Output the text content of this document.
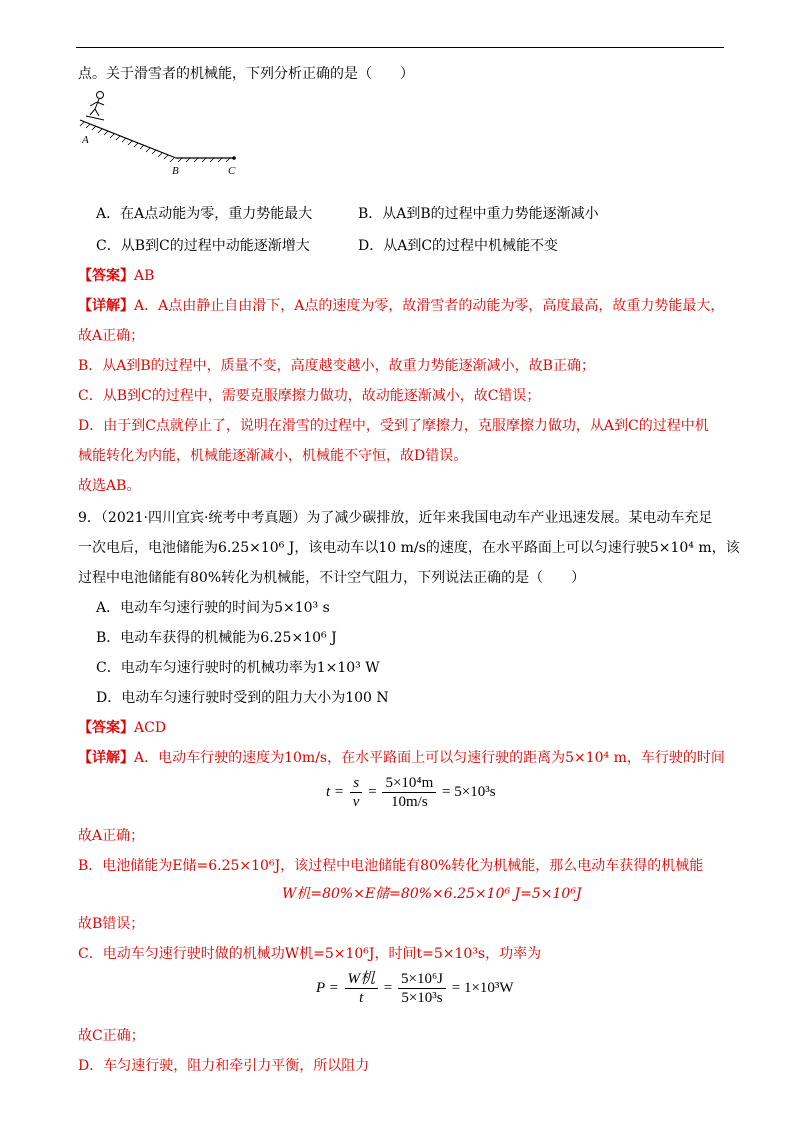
点。关于滑雪者的机械能，下列分析正确的是（　　）
A
B	C
A．在A点动能为零，重力势能最大	B．从A到B的过程中重力势能逐渐减小
C．从B到C的过程中动能逐渐增大	D．从A到C的过程中机械能不变
【答案】AB
【详解】A．A点由静止自由滑下，A点的速度为零，故滑雪者的动能为零，高度最高，故重力势能最大，
故A正确；
B．从A到B的过程中，质量不变，高度越变越小，故重力势能逐渐减小，故B正确；
C．从B到C的过程中，需要克服摩擦力做功，故动能逐渐减小，故C错误；
D．由于到C点就停止了，说明在滑雪的过程中，受到了摩擦力，克服摩擦力做功，从A到C的过程中机
械能转化为内能，机械能逐渐减小，机械能不守恒，故D错误。
故选AB。
9．（2021·四川宜宾·统考中考真题）为了减少碳排放，近年来我国电动车产业迅速发展。某电动车充足
一次电后，电池储能为6.25×10⁶ J，该电动车以10 m/s的速度，在水平路面上可以匀速行驶5×10⁴ m，该
过程中电池储能有80%转化为机械能，不计空气阻力，下列说法正确的是（　　）
A．电动车匀速行驶的时间为5×10³ s
B．电动车获得的机械能为6.25×10⁶ J
C．电动车匀速行驶时的机械功率为1×10³ W
D．电动车匀速行驶时受到的阻力大小为100 N
【答案】ACD
【详解】A．电动车行驶的速度为10m/s，在水平路面上可以匀速行驶的距离为5×10⁴ m，车行驶的时间
$t = \frac{s}{v} = \frac{\text{5×10⁴m}}{10m/s} = 5\times 10^3s$
故A正确；
B．电池储能为E储=6.25×10⁶J，该过程中电池储能有80%转化为机械能，那么电动车获得的机械能
W机=80%×E储=80%×6.25×10⁶ J=5×10⁶J
故B错误；
C．电动车匀速行驶时做的机械功W机=5×10⁶J，时间t=5×10³s，功率为
$P = \frac{\text{W机}}{t} = \frac{\text{5×10⁶J}}{\text{5×10³s}} = 1\times 10^3W$
故C正确；
D．车匀速行驶，阻力和牵引力平衡，所以阻力
